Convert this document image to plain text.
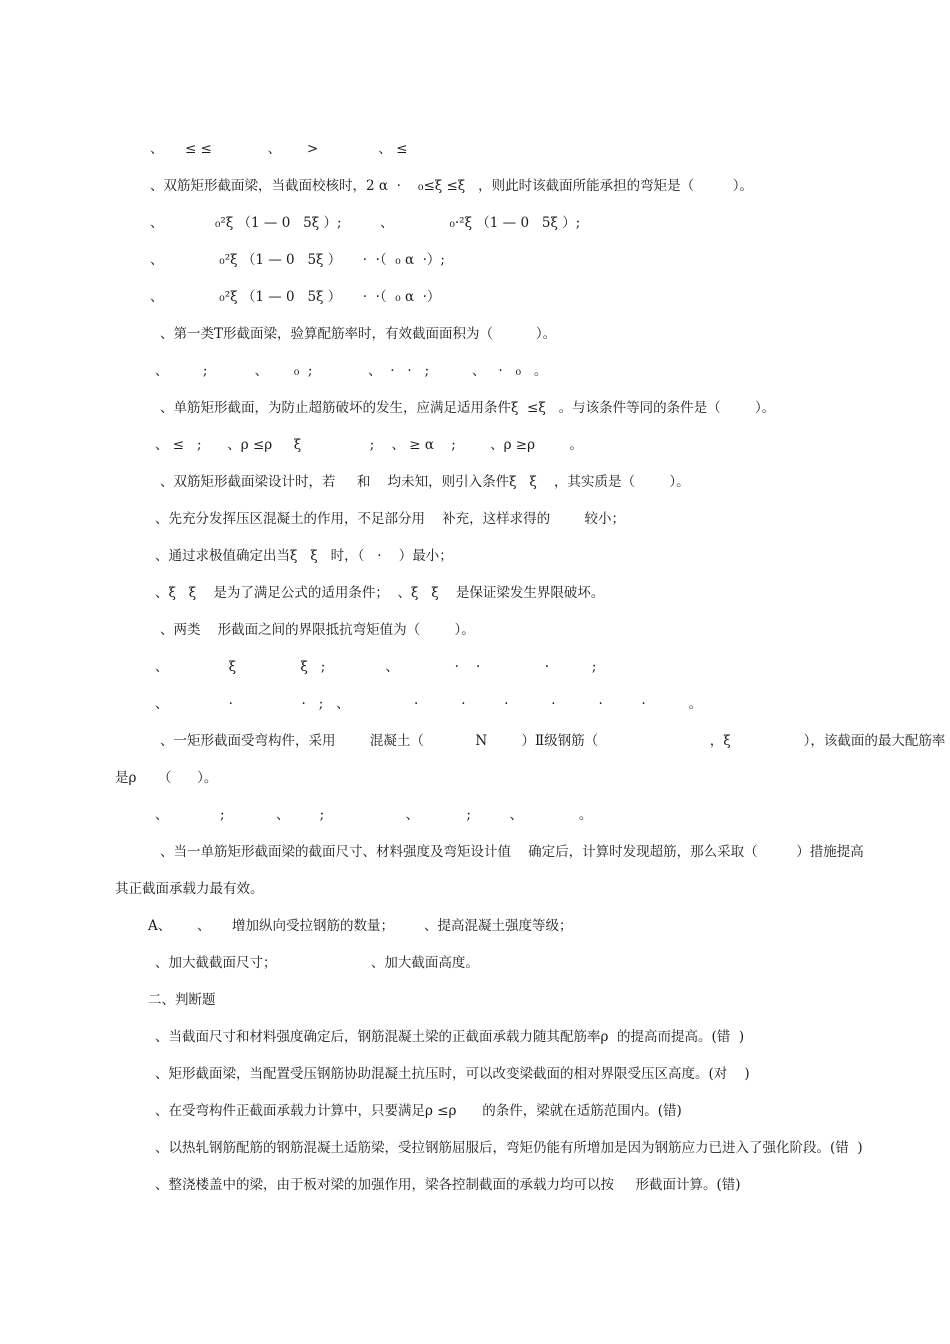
、     ≤ ≤             、      >              、 ≤
、双筋矩形截面梁，当截面校核时，2 α  ·    ₀≤ξ ≤ξ   ，则此时该截面所能承担的弯矩是（         ）。
、            ₀²ξ （1 — 0   5ξ ）;         、             ₀·²ξ （1 — 0   5ξ ）;
、             ₀²ξ （1 — 0   5ξ ）     ·  ·（  ₀ α  ·）;
、             ₀²ξ （1 — 0   5ξ ）     ·  ·（  ₀ α  ·）
、第一类T形截面梁，验算配筋率时，有效截面面积为（          ）。
、        ;           、      ₀  ;             、  ·   ·   ;          、   ·   ₀   。
、单筋矩形截面，为防止超筋破坏的发生，应满足适用条件ξ  ≤ξ   。与该条件等同的条件是（        ）。
、 ≤   ;      、ρ ≤ρ     ξ                ;    、 ≥ α    ;        、ρ ≥ρ        。
、双筋矩形截面梁设计时，若     和    均未知，则引入条件ξ   ξ    ，其实质是（        ）。
、先充分发挥压区混凝土的作用，不足部分用    补充，这样求得的        较小；
、通过求极值确定出当ξ   ξ   时，（   ·    ）最小；
、ξ   ξ    是为了满足公式的适用条件；  、ξ   ξ    是保证梁发生界限破坏。
、两类    形截面之间的界限抵抗弯矩值为（        ）。
、              ξ               ξ   ;              、             ·    ·               ·          ;
、              ·                ·   ;   、               ·          ·         ·          ·          ·         ·          。
、一矩形截面受弯构件，采用        混凝土（            N        ）Ⅱ级钢筋（                          ，ξ                 ），该截面的最大配筋率
是ρ     （      ）。
、            ;            、       ;                   、           ;         、             。
、当一单筋矩形截面梁的截面尺寸、材料强度及弯矩设计值    确定后，计算时发现超筋，那么采取（         ）措施提高
其正截面承载力最有效。
A、      、     增加纵向受拉钢筋的数量；       、提高混凝土强度等级；
、加大截截面尺寸；                      、加大截面高度。
二、判断题
、当截面尺寸和材料强度确定后，钢筋混凝土梁的正截面承载力随其配筋率ρ  的提高而提高。(错  )
、矩形截面梁，当配置受压钢筋协助混凝土抗压时，可以改变梁截面的相对界限受压区高度。(对    )
、在受弯构件正截面承载力计算中，只要满足ρ ≤ρ      的条件，梁就在适筋范围内。(错)
、以热轧钢筋配筋的钢筋混凝土适筋梁，受拉钢筋屈服后，弯矩仍能有所增加是因为钢筋应力已进入了强化阶段。(错  )
、整浇楼盖中的梁，由于板对梁的加强作用，梁各控制截面的承载力均可以按     形截面计算。(错)
